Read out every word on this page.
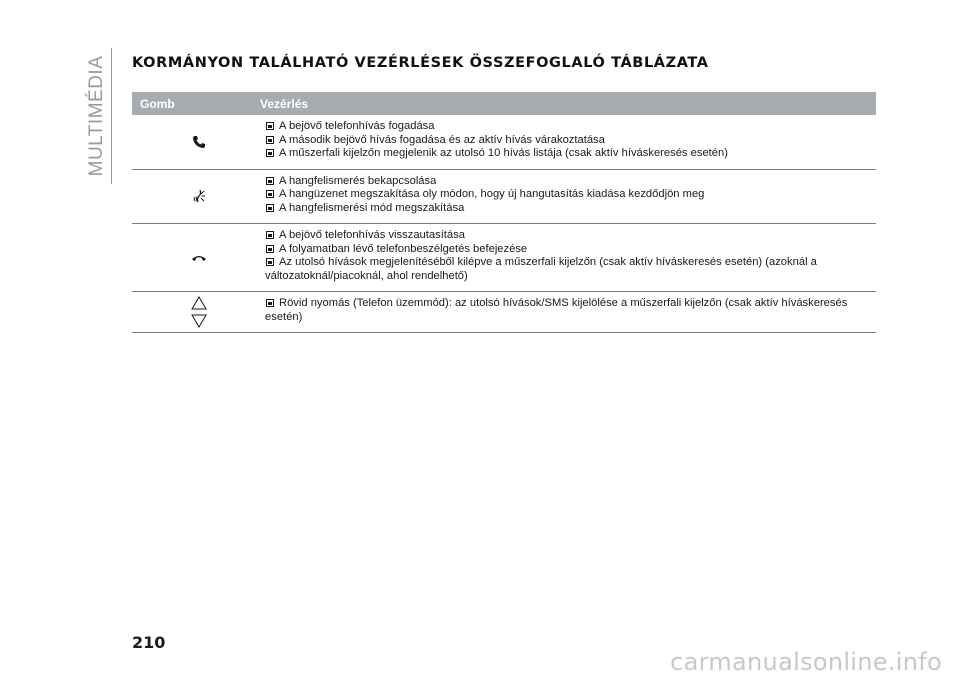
MULTIMÉDIA KORMÁNYON TALÁLHATÓ VEZÉRLÉSEK ÖSSZEFOGLALÓ TÁBLÁZATA
Gomb	Vezérlés
A bejövő telefonhívás fogadása
A második bejövő hívás fogadása és az aktív hívás várakoztatása
A műszerfali kijelzőn megjelenik az utolsó 10 hívás listája (csak aktív híváskeresés esetén)
A hangfelismerés bekapcsolása
A hangüzenet megszakítása oly módon, hogy új hangutasítás kiadása kezdődjön meg
A hangfelismerési mód megszakítása
A bejövő telefonhívás visszautasítása
A folyamatban lévő telefonbeszélgetés befejezése
Az utolsó hívások megjelenítéséből kilépve a műszerfali kijelzőn (csak aktív híváskeresés esetén) (azoknál a változatoknál/piacoknál, ahol rendelhető)
Rövid nyomás (Telefon üzemmód): az utolsó hívások/SMS kijelölése a műszerfali kijelzőn (csak aktív híváskeresés esetén)
210
carmanualsonline.info
